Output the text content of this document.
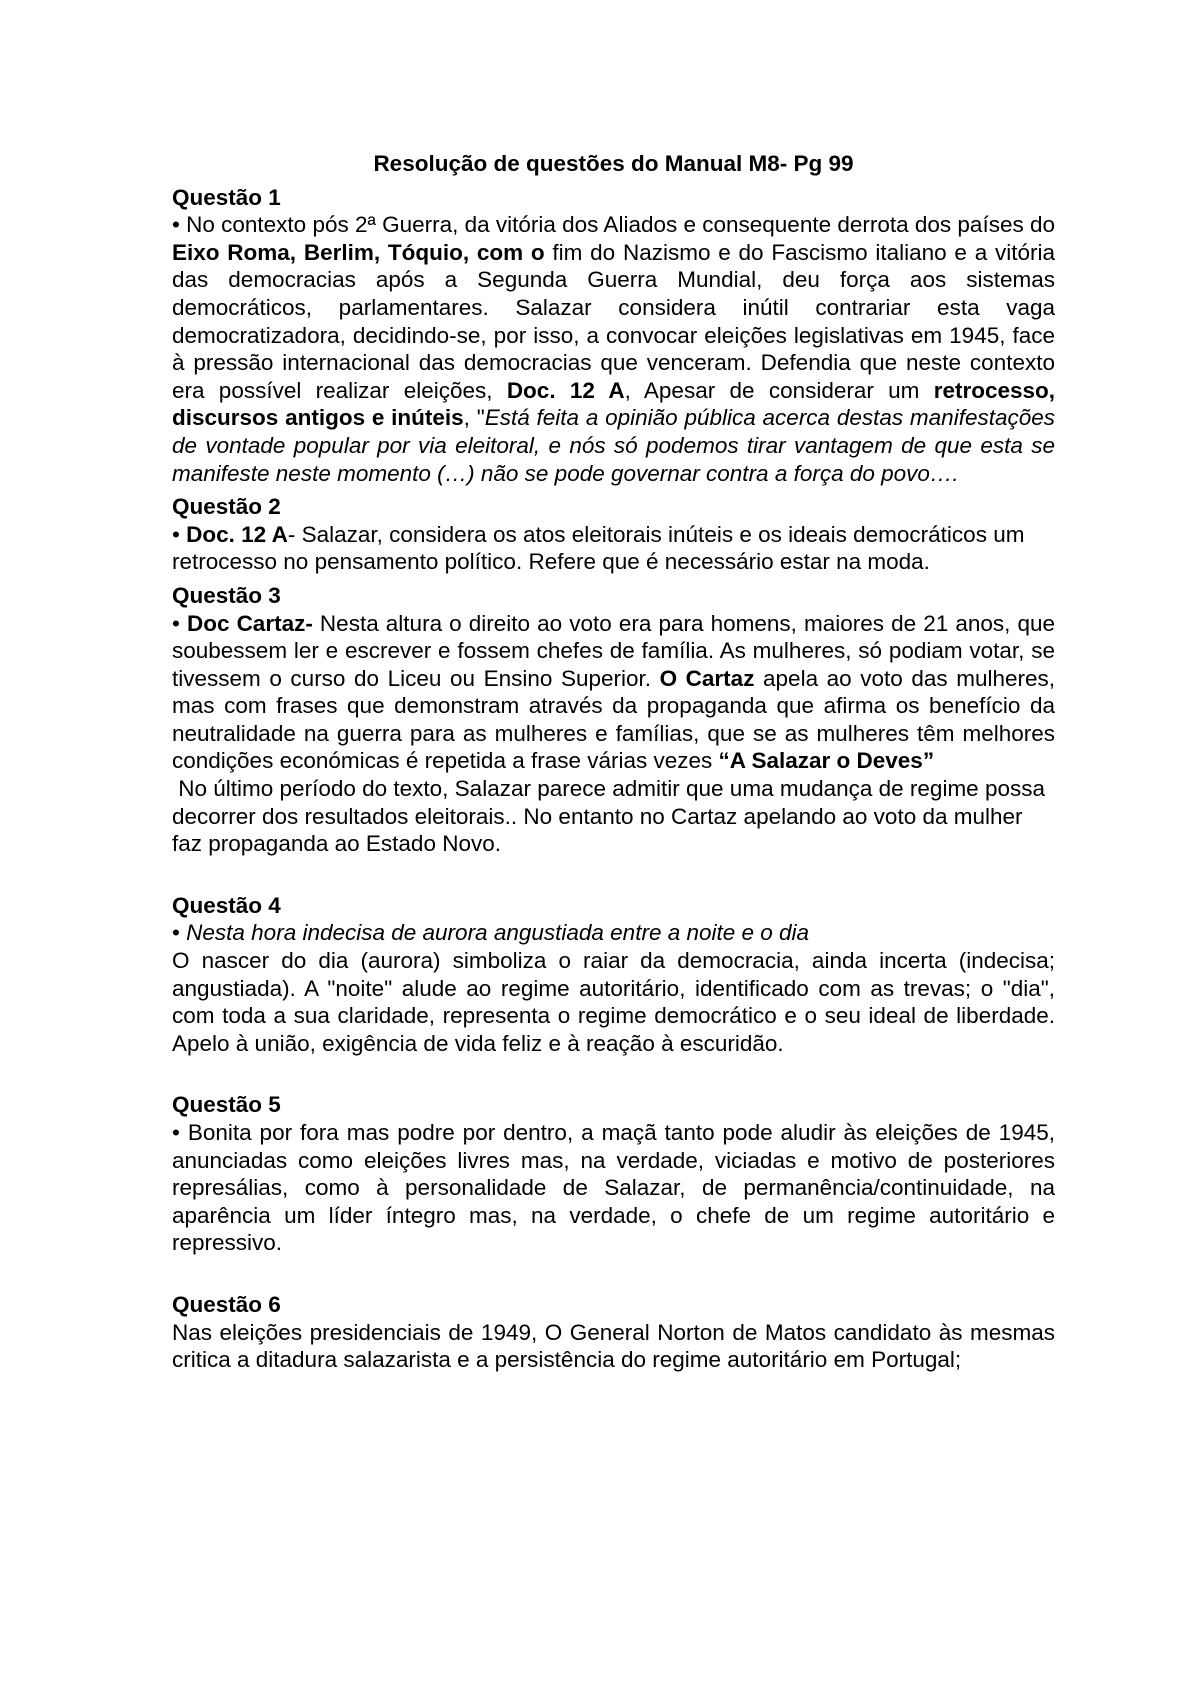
Resolução de questões do Manual M8- Pg 99
Questão 1
• No contexto pós 2ª Guerra, da vitória dos Aliados e consequente derrota dos países do Eixo Roma, Berlim, Tóquio, com o fim do Nazismo e do Fascismo italiano e a vitória das democracias após a Segunda Guerra Mundial, deu força aos sistemas democráticos, parlamentares. Salazar considera inútil contrariar esta vaga democratizadora, decidindo-se, por isso, a convocar eleições legislativas em 1945, face à pressão internacional das democracias que venceram. Defendia que neste contexto era possível realizar eleições, Doc. 12 A, Apesar de considerar um retrocesso, discursos antigos e inúteis, "Está feita a opinião pública acerca destas manifestações de vontade popular por via eleitoral, e nós só podemos tirar vantagem de que esta se manifeste neste momento (…) não se pode governar contra a força do povo….
Questão 2
• Doc. 12 A- Salazar, considera os atos eleitorais inúteis e os ideais democráticos um retrocesso no pensamento político. Refere que é necessário estar na moda.
Questão 3
• Doc Cartaz- Nesta altura o direito ao voto era para homens, maiores de 21 anos, que soubessem ler e escrever e fossem chefes de família. As mulheres, só podiam votar, se tivessem o curso do Liceu ou Ensino Superior. O Cartaz apela ao voto das mulheres, mas com frases que demonstram através da propaganda que afirma os benefício da neutralidade na guerra para as mulheres e famílias, que se as mulheres têm melhores condições económicas é repetida a frase várias vezes “A Salazar o Deves”
No último período do texto, Salazar parece admitir que uma mudança de regime possa decorrer dos resultados eleitorais.. No entanto no Cartaz apelando ao voto da mulher faz propaganda ao Estado Novo.
Questão 4
• Nesta hora indecisa de aurora angustiada entre a noite e o dia
O nascer do dia (aurora) simboliza o raiar da democracia, ainda incerta (indecisa; angustiada). A "noite" alude ao regime autoritário, identificado com as trevas; o "dia", com toda a sua claridade, representa o regime democrático e o seu ideal de liberdade. Apelo à união, exigência de vida feliz e à reação à escuridão.
Questão 5
• Bonita por fora mas podre por dentro, a maçã tanto pode aludir às eleições de 1945, anunciadas como eleições livres mas, na verdade, viciadas e motivo de posteriores represálias, como à personalidade de Salazar, de permanência/continuidade, na aparência um líder íntegro mas, na verdade, o chefe de um regime autoritário e repressivo.
Questão 6
Nas eleições presidenciais de 1949, O General Norton de Matos candidato às mesmas critica a ditadura salazarista e a persistência do regime autoritário em Portugal;
